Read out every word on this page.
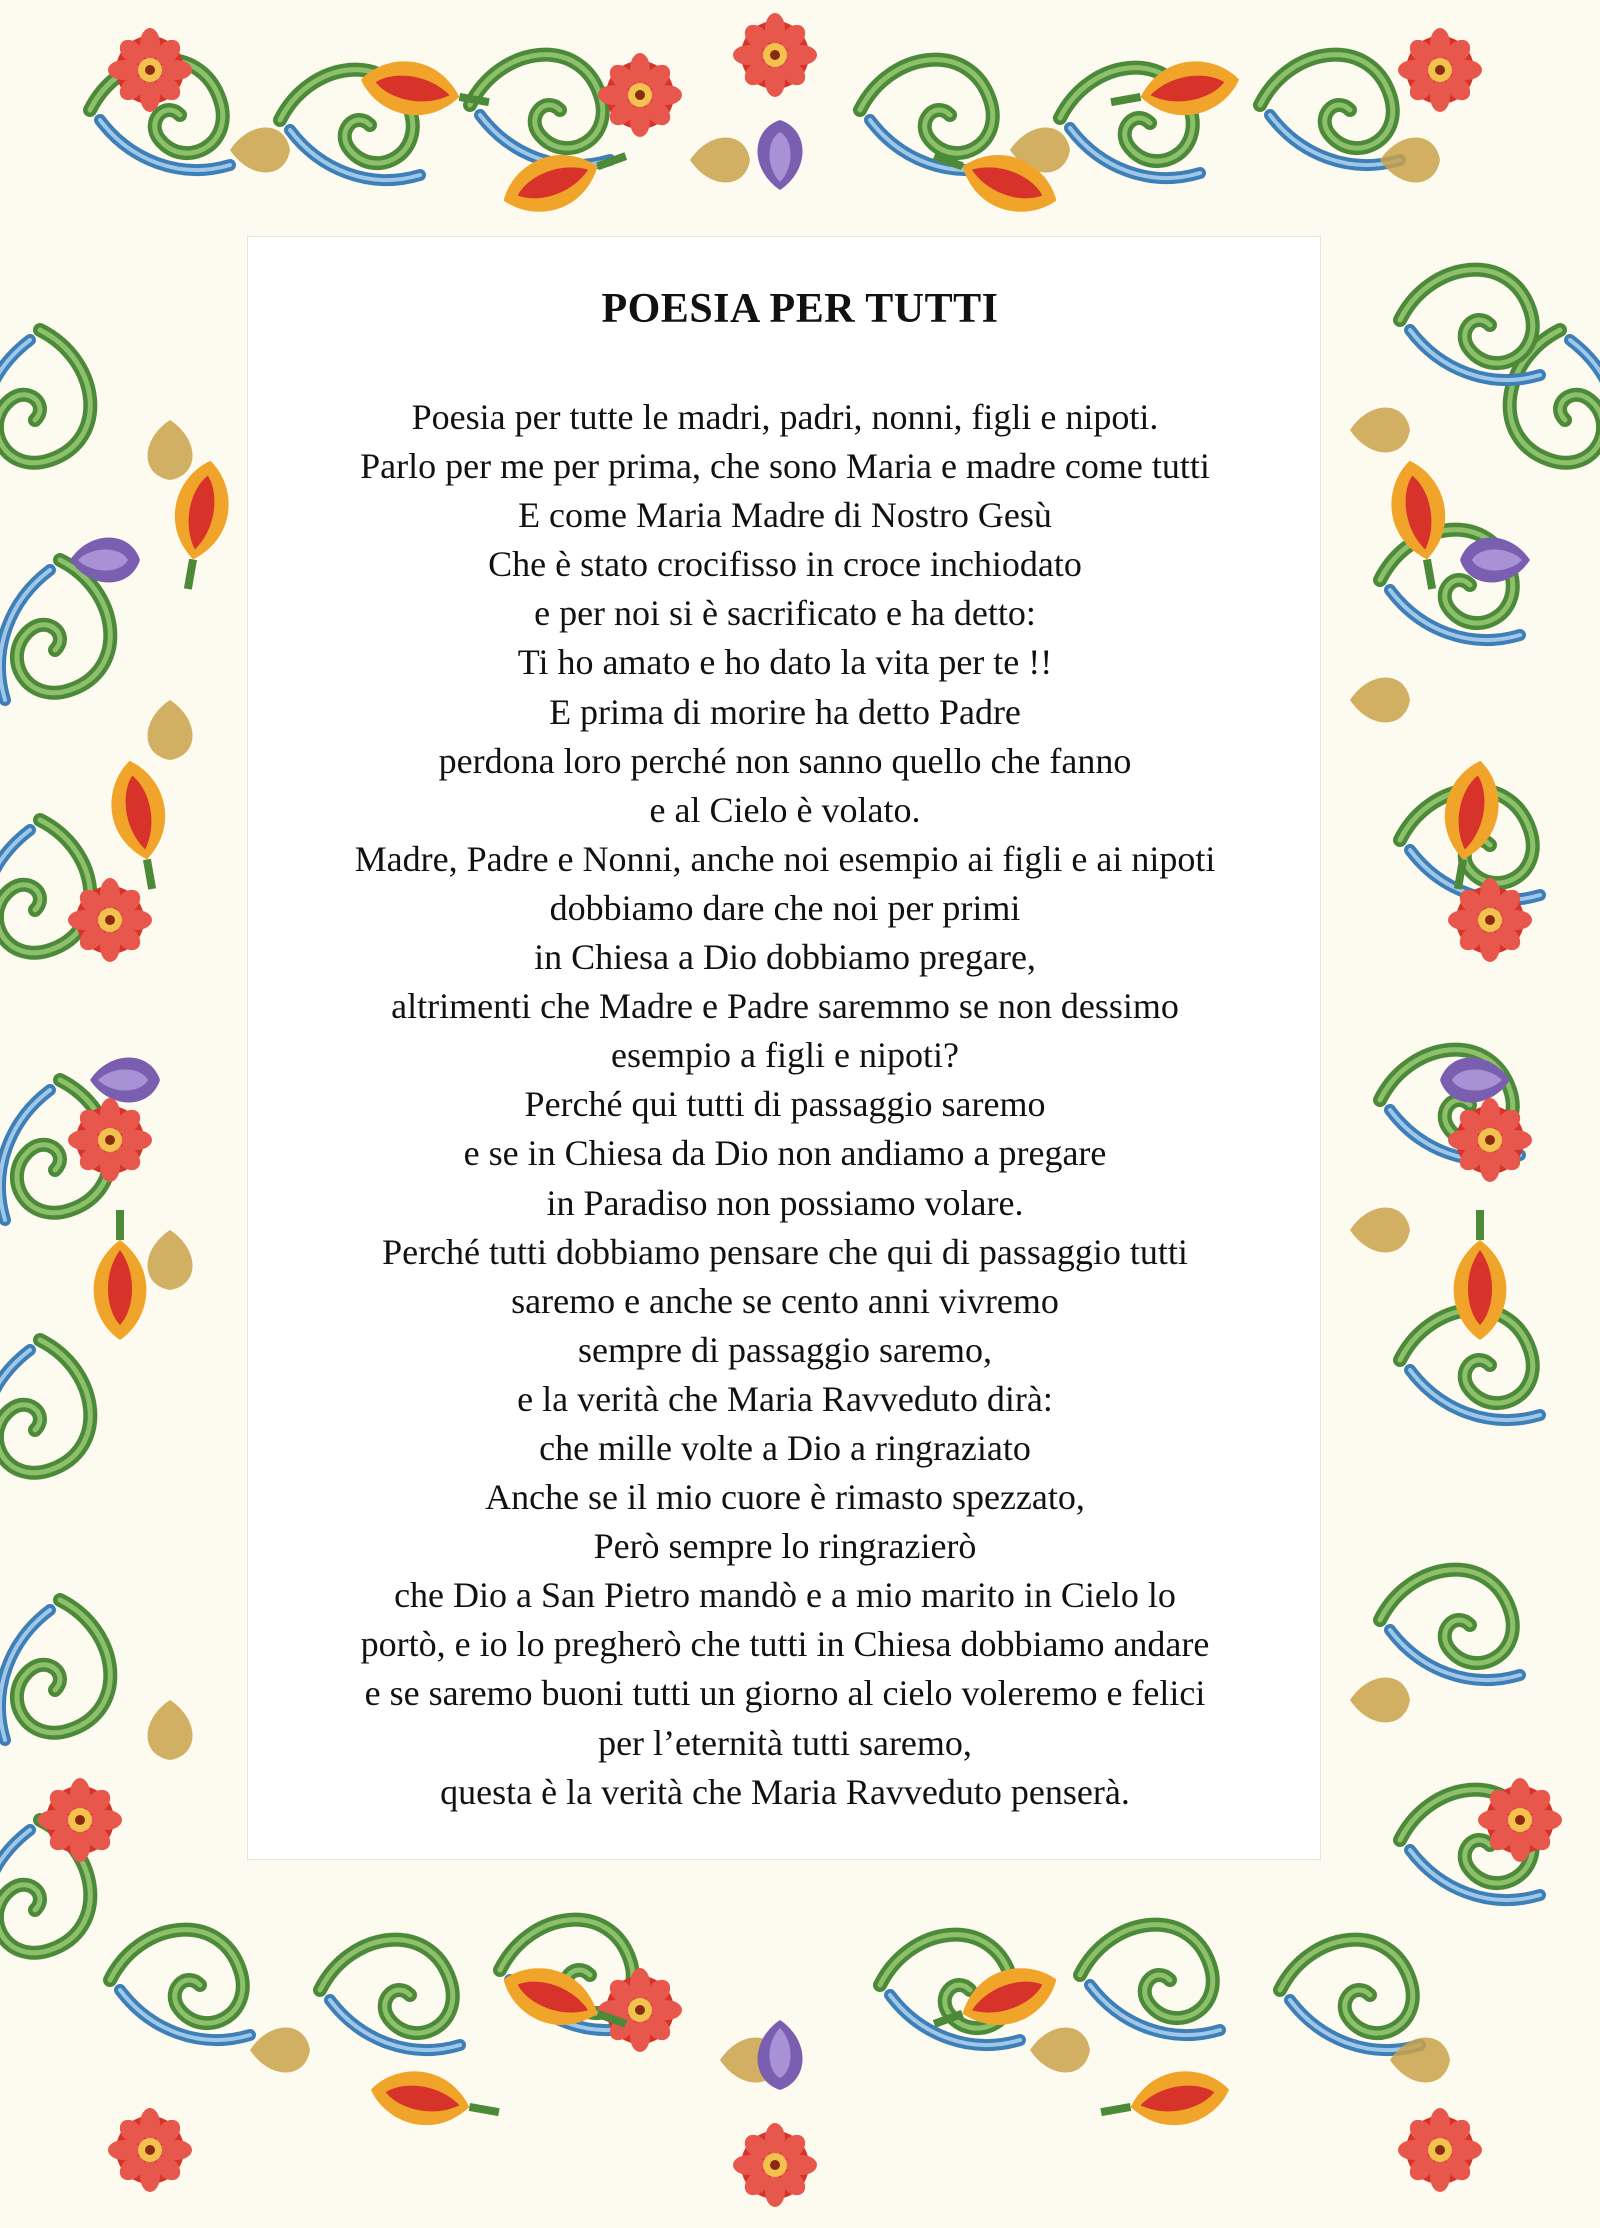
POESIA PER TUTTI
Poesia per tutte le madri, padri, nonni, figli e nipoti.
Parlo per me per prima, che sono Maria e madre come tutti
E come Maria Madre di Nostro Gesù
Che è stato crocifisso in croce inchiodato
e per noi si è sacrificato e ha detto:
Ti ho amato e ho dato la vita per te !!
E prima di morire ha detto Padre
perdona loro perché non sanno quello che fanno
e al Cielo è volato.
Madre, Padre e Nonni, anche noi esempio ai figli e ai nipoti
dobbiamo dare che noi per primi
in Chiesa a Dio dobbiamo pregare,
altrimenti che Madre e Padre saremmo se non dessimo
esempio a figli e nipoti?
Perché qui tutti di passaggio saremo
e se in Chiesa da Dio non andiamo a pregare
in Paradiso non possiamo volare.
Perché tutti dobbiamo pensare che qui di passaggio tutti
saremo e anche se cento anni vivremo
sempre di passaggio saremo,
e la verità che Maria Ravveduto dirà:
che mille volte a Dio a ringraziato
Anche se il mio cuore è rimasto spezzato,
Però sempre lo ringrazierò
che Dio a San Pietro mandò e a mio marito in Cielo lo
portò, e io lo pregherò che tutti in Chiesa dobbiamo andare
e se saremo buoni tutti un giorno al cielo voleremo e felici
per l’eternità tutti saremo,
questa è la verità che Maria Ravveduto penserà.
